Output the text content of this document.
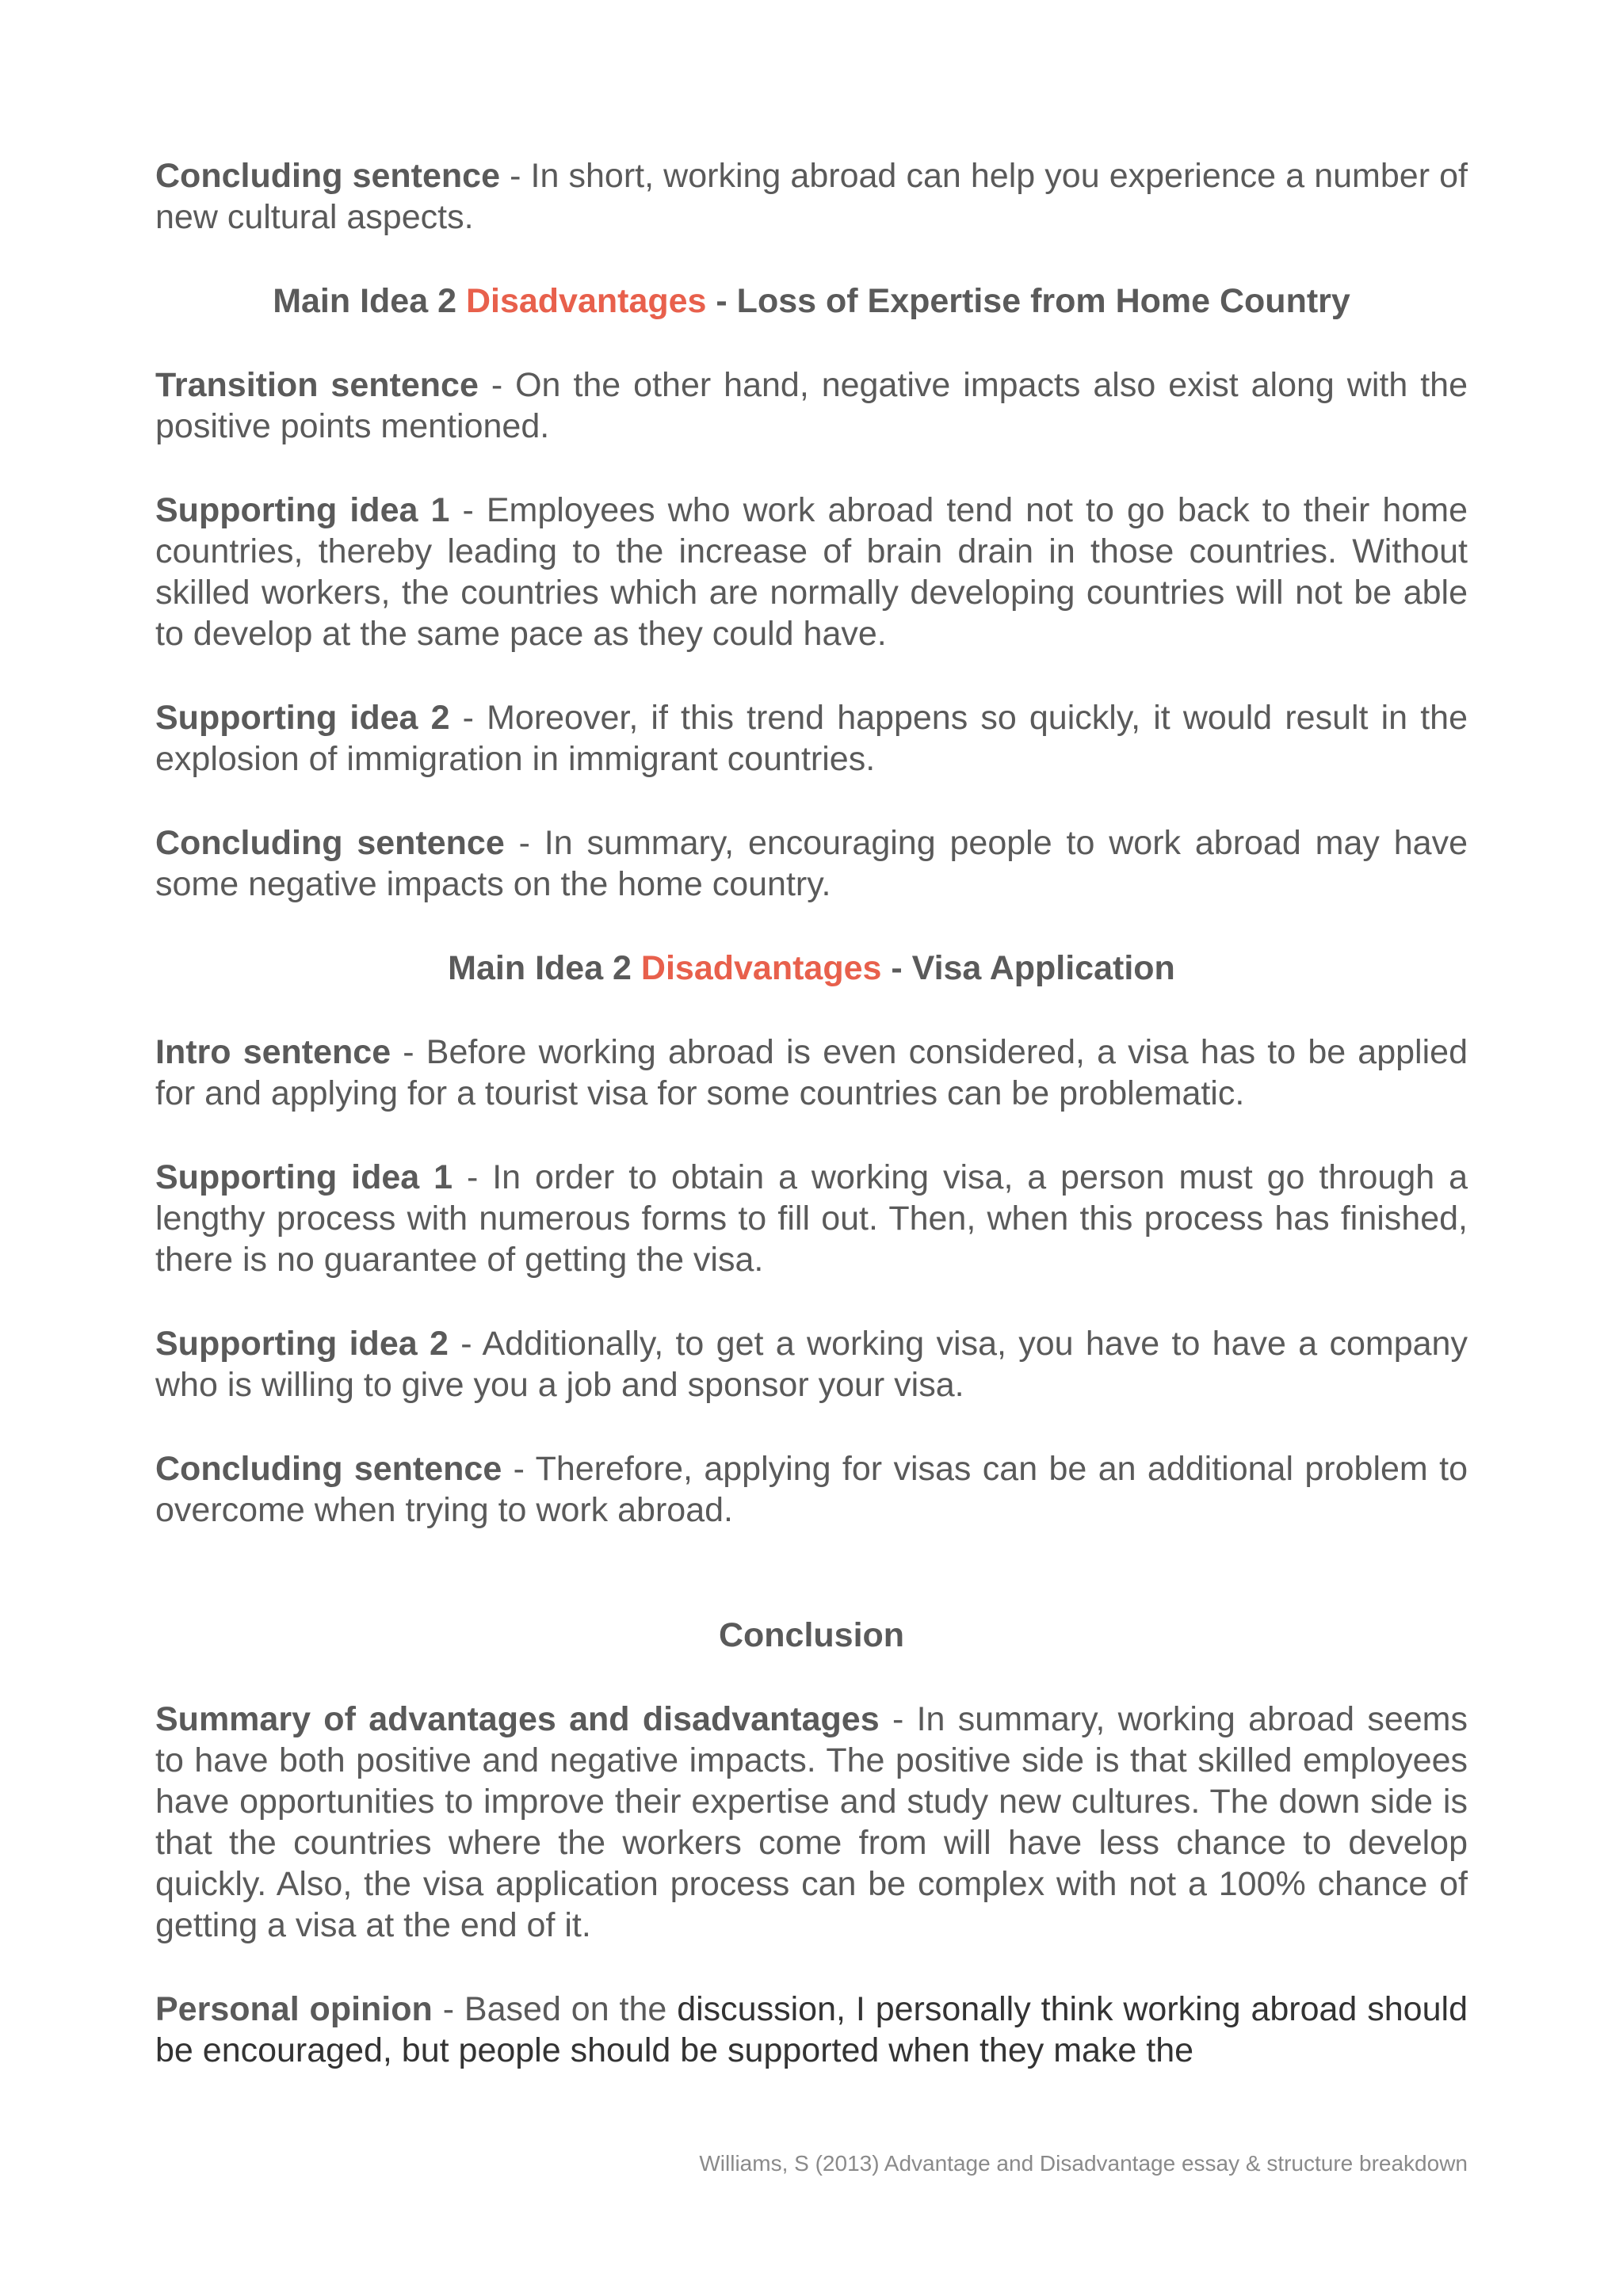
Concluding sentence - In short, working abroad can help you experience a number of new cultural aspects.

Main Idea 2 Disadvantages - Loss of Expertise from Home Country

Transition sentence - On the other hand, negative impacts also exist along with the positive points mentioned.

Supporting idea 1 - Employees who work abroad tend not to go back to their home countries, thereby leading to the increase of brain drain in those countries. Without skilled workers, the countries which are normally developing countries will not be able to develop at the same pace as they could have.

Supporting idea 2 - Moreover, if this trend happens so quickly, it would result in the explosion of immigration in immigrant countries.

Concluding sentence - In summary, encouraging people to work abroad may have some negative impacts on the home country.

Main Idea 2 Disadvantages - Visa Application

Intro sentence - Before working abroad is even considered, a visa has to be applied for and applying for a tourist visa for some countries can be problematic.

Supporting idea 1 - In order to obtain a working visa, a person must go through a lengthy process with numerous forms to fill out. Then, when this process has finished, there is no guarantee of getting the visa.

Supporting idea 2 - Additionally, to get a working visa, you have to have a company who is willing to give you a job and sponsor your visa.

Concluding sentence - Therefore, applying for visas can be an additional problem to overcome when trying to work abroad.

Conclusion

Summary of advantages and disadvantages - In summary, working abroad seems to have both positive and negative impacts. The positive side is that skilled employees have opportunities to improve their expertise and study new cultures. The down side is that the countries where the workers come from will have less chance to develop quickly. Also, the visa application process can be complex with not a 100% chance of getting a visa at the end of it.

Personal opinion - Based on the discussion, I personally think working abroad should be encouraged, but people should be supported when they make the

Williams, S (2013) Advantage and Disadvantage essay & structure breakdown
